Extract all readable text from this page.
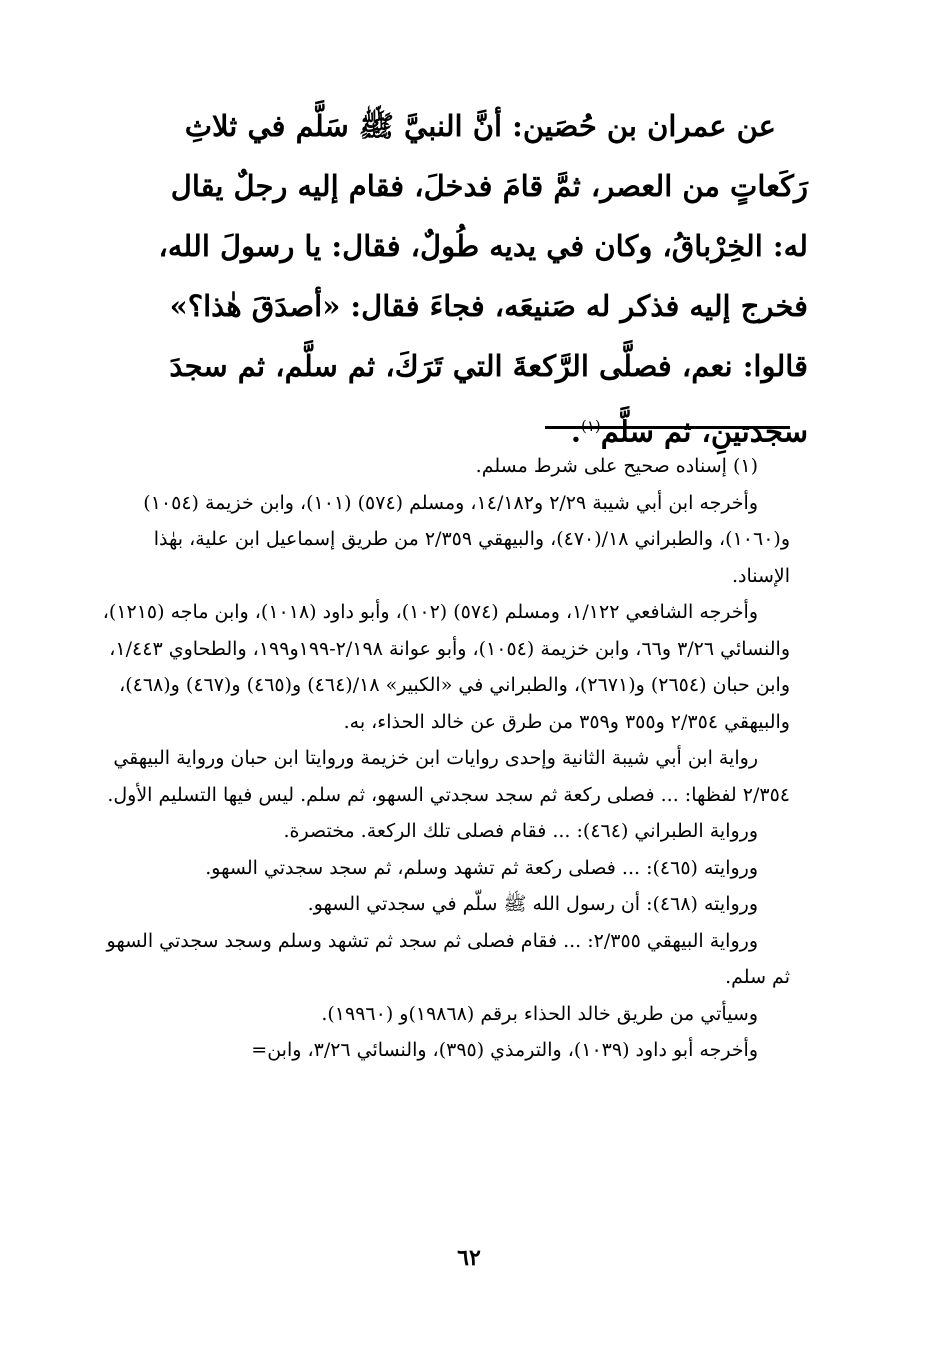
عن عمران بن حُصَين: أنَّ النبيَّ ﷺ سَلَّم في ثلاثِ رَكَعاتٍ من العصر، ثمَّ قامَ فدخلَ، فقام إليه رجلٌ يقال له: الخِرْباقُ، وكان في يديه طُولٌ، فقال: يا رسولَ الله، فخرج إليه فذكر له صَنيعَه، فجاءَ فقال: «أصدَقَ هٰذا؟» قالوا: نعم، فصلَّى الرَّكعةَ التي تَرَكَ، ثم سلَّم، ثم سجدَ سجدتينِ، ثم سلَّم$^{(١)}$.

(١) إسناده صحيح على شرط مسلم.

وأخرجه ابن أبي شيبة ٢/٢٩ و١٤/١٨٢، ومسلم (٥٧٤) (١٠١)، وابن خزيمة (١٠٥٤) و(١٠٦٠)، والطبراني ١٨/(٤٧٠)، والبيهقي ٢/٣٥٩ من طريق إسماعيل ابن علية، بهٰذا الإسناد.

وأخرجه الشافعي ١/١٢٢، ومسلم (٥٧٤) (١٠٢)، وأبو داود (١٠١٨)، وابن ماجه (١٢١٥)، والنسائي ٣/٢٦ و٦٦، وابن خزيمة (١٠٥٤)، وأبو عوانة ٢/١٩٨-١٩٩و١٩٩، والطحاوي ١/٤٤٣، وابن حبان (٢٦٥٤) و(٢٦٧١)، والطبراني في «الكبير» ١٨/(٤٦٤) و(٤٦٥) و(٤٦٧) و(٤٦٨)، والبيهقي ٢/٣٥٤ و٣٥٥ و٣٥٩ من طرق عن خالد الحذاء، به.

رواية ابن أبي شيبة الثانية وإحدى روايات ابن خزيمة وروايتا ابن حبان ورواية البيهقي ٢/٣٥٤ لفظها: ... فصلى ركعة ثم سجد سجدتي السهو، ثم سلم. ليس فيها التسليم الأول.

ورواية الطبراني (٤٦٤): ... فقام فصلى تلك الركعة. مختصرة.

وروايته (٤٦٥): ... فصلى ركعة ثم تشهد وسلم، ثم سجد سجدتي السهو.

وروايته (٤٦٨): أن رسول الله ﷺ سلّم في سجدتي السهو.

ورواية البيهقي ٢/٣٥٥: ... فقام فصلى ثم سجد ثم تشهد وسلم وسجد سجدتي السهو ثم سلم.

وسيأتي من طريق خالد الحذاء برقم (١٩٨٦٨)و (١٩٩٦٠).

وأخرجه أبو داود (١٠٣٩)، والترمذي (٣٩٥)، والنسائي ٣/٢٦، وابن=

٦٢
